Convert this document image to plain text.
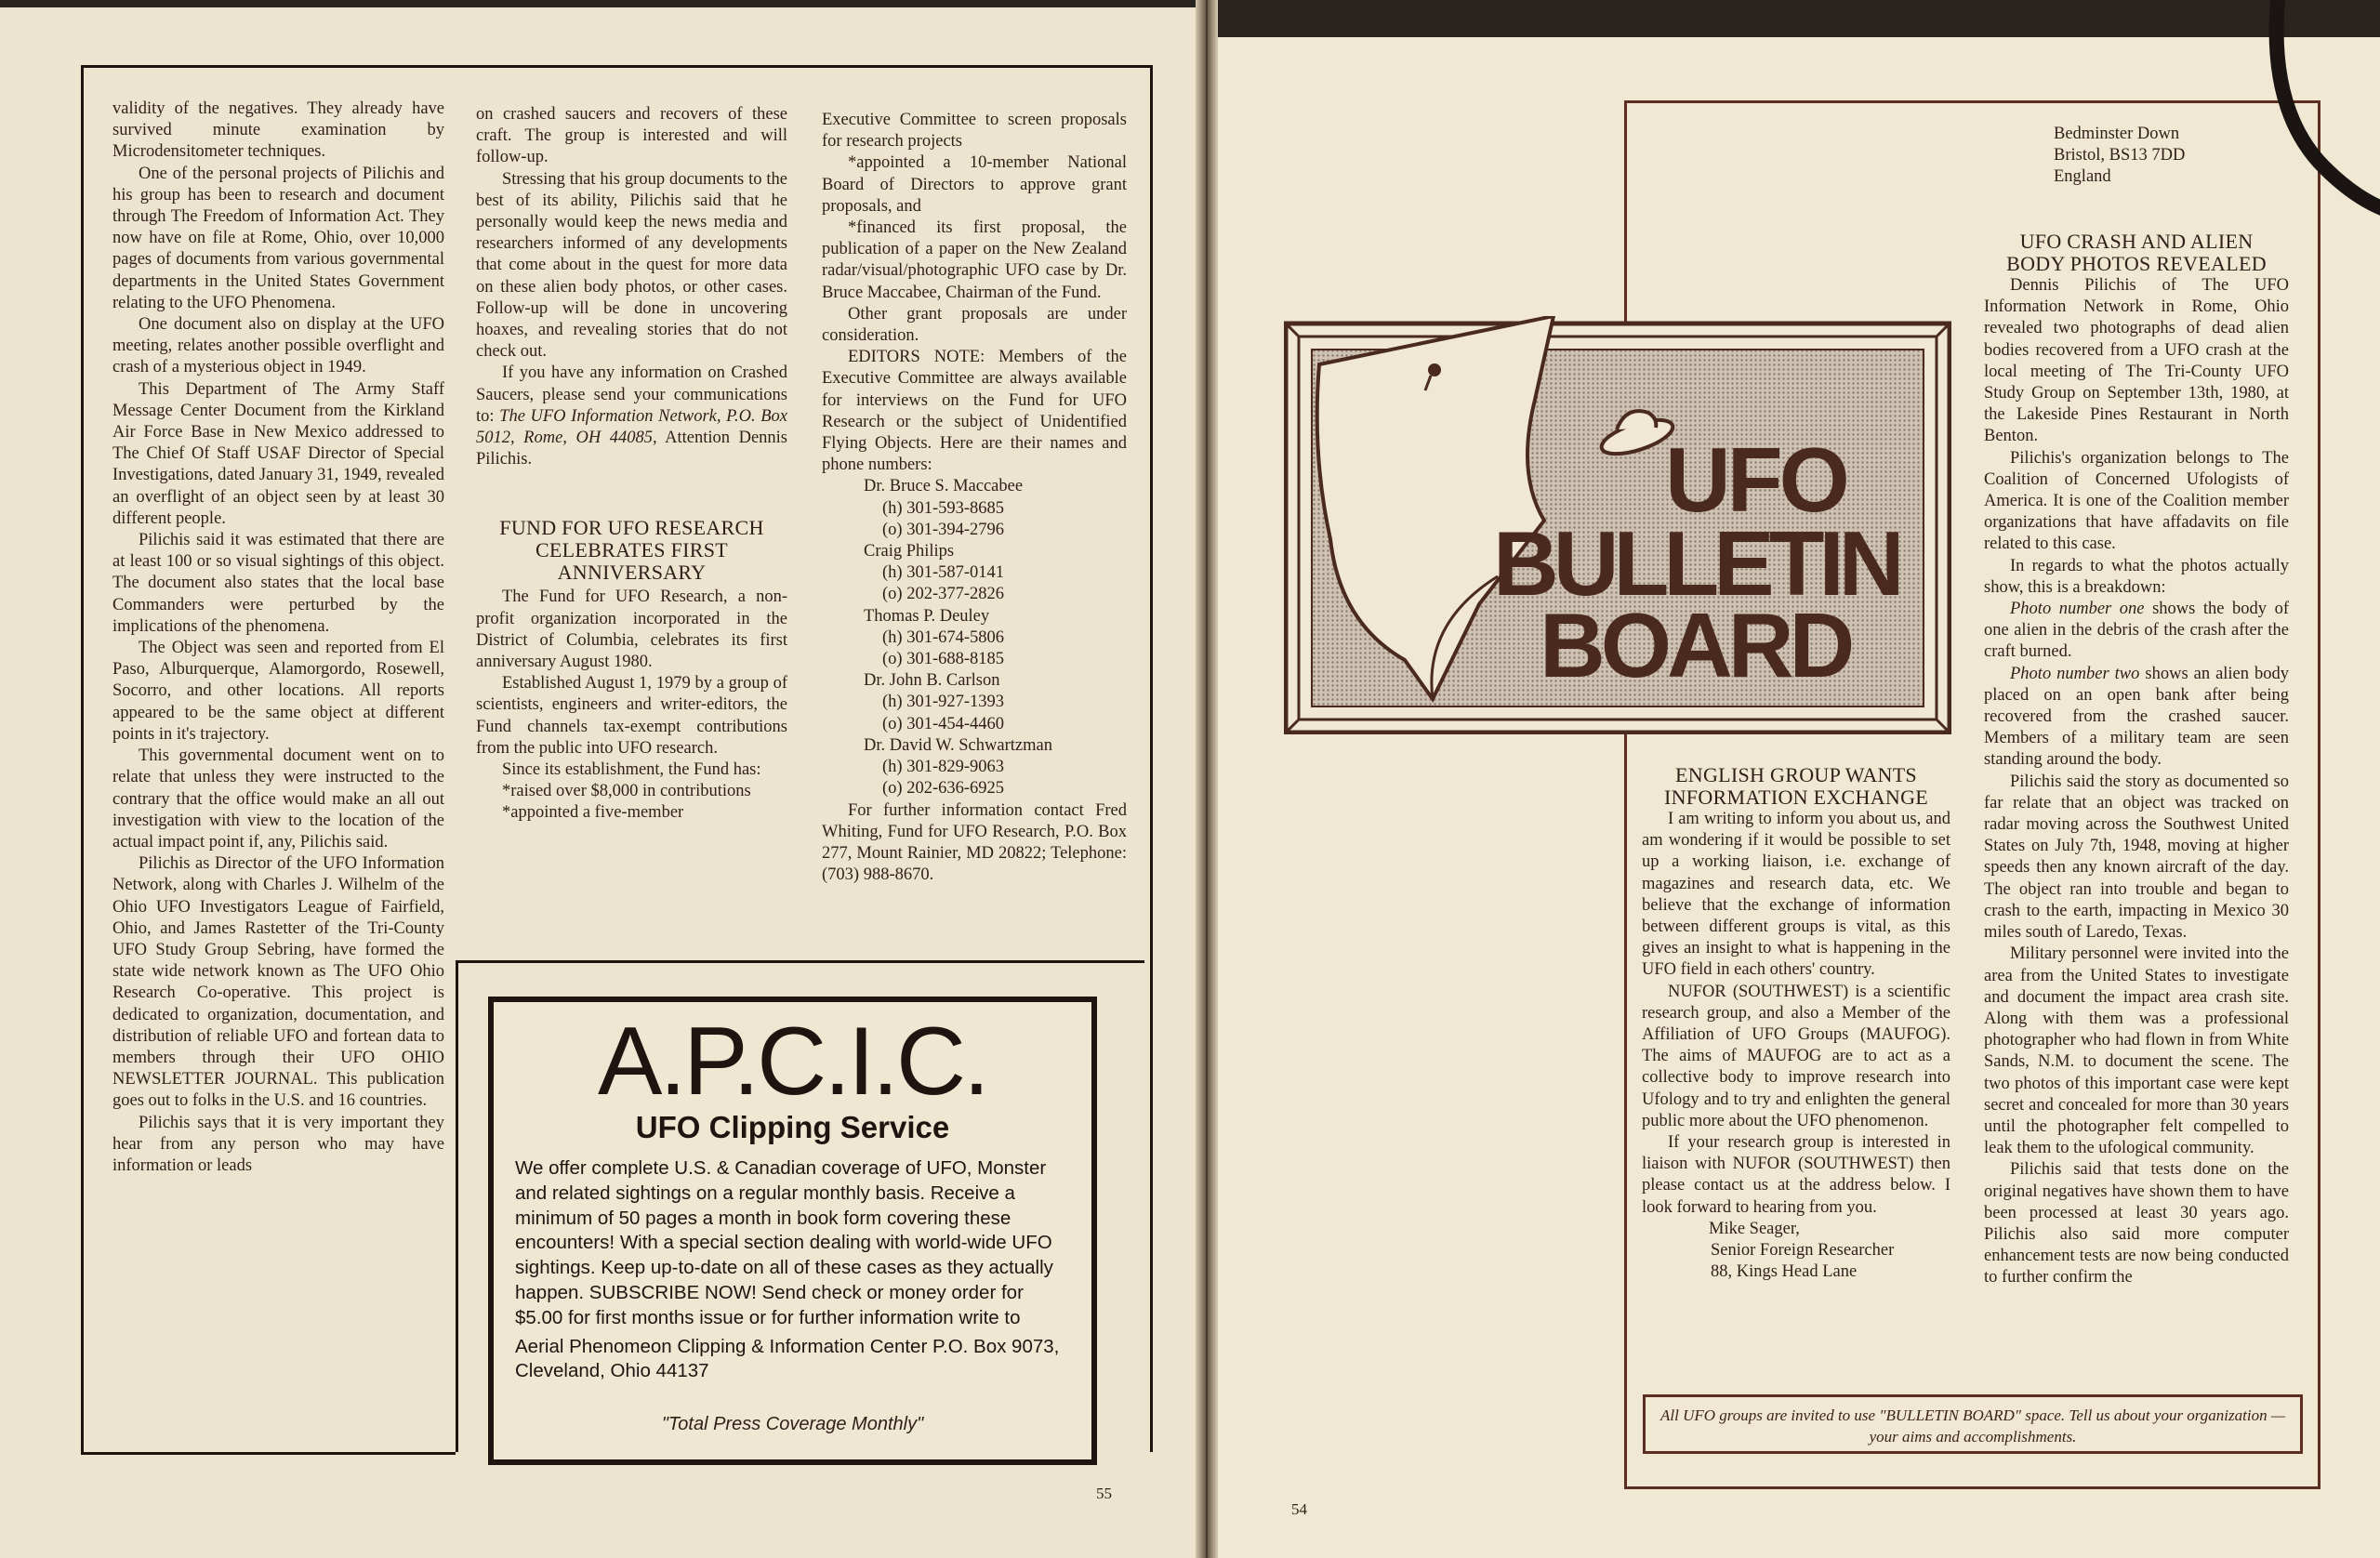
validity of the negatives. They already have survived minute examination by Microdensitometer techniques.

One of the personal projects of Pilichis and his group has been to research and document through The Freedom of Information Act. They now have on file at Rome, Ohio, over 10,000 pages of documents from various governmental departments in the United States Government relating to the UFO Phenomena.

One document also on display at the UFO meeting, relates another possible overflight and crash of a mysterious object in 1949.

This Department of The Army Staff Message Center Document from the Kirkland Air Force Base in New Mexico addressed to The Chief Of Staff USAF Director of Special Investigations, dated January 31, 1949, revealed an overflight of an object seen by at least 30 different people.

Pilichis said it was estimated that there are at least 100 or so visual sightings of this object. The document also states that the local base Commanders were perturbed by the implications of the phenomena.

The Object was seen and reported from El Paso, Alburquerque, Alamorgordo, Rosewell, Socorro, and other locations. All reports appeared to be the same object at different points in it's trajectory.

This governmental document went on to relate that unless they were instructed to the contrary that the office would make an all out investigation with view to the location of the actual impact point if, any, Pilichis said.

Pilichis as Director of the UFO Information Network, along with Charles J. Wilhelm of the Ohio UFO Investigators League of Fairfield, Ohio, and James Rastetter of the Tri-County UFO Study Group Sebring, have formed the state wide network known as The UFO Ohio Research Co-operative. This project is dedicated to organization, documentation, and distribution of reliable UFO and fortean data to members through their UFO OHIO NEWSLETTER JOURNAL. This publication goes out to folks in the U.S. and 16 countries.

Pilichis says that it is very important they hear from any person who may have information or leads

on crashed saucers and recovers of these craft. The group is interested and will follow-up.

Stressing that his group documents to the best of its ability, Pilichis said that he personally would keep the news media and researchers informed of any developments that come about in the quest for more data on these alien body photos, or other cases. Follow-up will be done in uncovering hoaxes, and revealing stories that do not check out.

If you have any information on Crashed Saucers, please send your communications to: The UFO Information Network, P.O. Box 5012, Rome, OH 44085, Attention Dennis Pilichis.

FUND FOR UFO RESEARCH CELEBRATES FIRST ANNIVERSARY

The Fund for UFO Research, a non-profit organization incorporated in the District of Columbia, celebrates its first anniversary August 1980.

Established August 1, 1979 by a group of scientists, engineers and writer-editors, the Fund channels tax-exempt contributions from the public into UFO research.

Since its establishment, the Fund has:

*raised over $8,000 in contributions

*appointed a five-member

Executive Committee to screen proposals for research projects

*appointed a 10-member National Board of Directors to approve grant proposals, and

*financed its first proposal, the publication of a paper on the New Zealand radar/visual/photographic UFO case by Dr. Bruce Maccabee, Chairman of the Fund.

Other grant proposals are under consideration.

EDITORS NOTE: Members of the Executive Committee are always available for interviews on the Fund for UFO Research or the subject of Unidentified Flying Objects. Here are their names and phone numbers:

Dr. Bruce S. Maccabee

(h) 301-593-8685

(o) 301-394-2796

Craig Philips

(h) 301-587-0141

(o) 202-377-2826

Thomas P. Deuley

(h) 301-674-5806

(o) 301-688-8185

Dr. John B. Carlson

(h) 301-927-1393

(o) 301-454-4460

Dr. David W. Schwartzman

(h) 301-829-9063

(o) 202-636-6925

For further information contact Fred Whiting, Fund for UFO Research, P.O. Box 277, Mount Rainier, MD 20822; Telephone: (703) 988-8670.

A.P.C.I.C.
UFO Clipping Service
We offer complete U.S. & Canadian coverage of UFO, Monster and related sightings on a regular monthly basis. Receive a minimum of 50 pages a month in book form covering these encounters! With a special section dealing with world-wide UFO sightings. Keep up-to-date on all of these cases as they actually happen. SUBSCRIBE NOW! Send check or money order for $5.00 for first months issue or for further information write to
Aerial Phenomeon Clipping & Information Center P.O. Box 9073, Cleveland, Ohio 44137
"Total Press Coverage Monthly"
55
54
Bedminster Down
Bristol, BS13 7DD
England
UFO CRASH AND ALIEN BODY PHOTOS REVEALED

Dennis Pilichis of The UFO Information Network in Rome, Ohio revealed two photographs of dead alien bodies recovered from a UFO crash at the local meeting of The Tri-County UFO Study Group on September 13th, 1980, at the Lakeside Pines Restaurant in North Benton.

Pilichis's organization belongs to The Coalition of Concerned Ufologists of America. It is one of the Coalition member organizations that have affadavits on file related to this case.

In regards to what the photos actually show, this is a breakdown:

Photo number one shows the body of one alien in the debris of the crash after the craft burned.

Photo number two shows an alien body placed on an open bank after being recovered from the crashed saucer. Members of a military team are seen standing around the body.

Pilichis said the story as documented so far relate that an object was tracked on radar moving across the Southwest United States on July 7th, 1948, moving at higher speeds then any known aircraft of the day. The object ran into trouble and began to crash to the earth, impacting in Mexico 30 miles south of Laredo, Texas.

Military personnel were invited into the area from the United States to investigate and document the impact area crash site. Along with them was a professional photographer who had flown in from White Sands, N.M. to document the scene. The two photos of this important case were kept secret and concealed for more than 30 years until the photographer felt compelled to leak them to the ufological community.

Pilichis said that tests done on the original negatives have shown them to have been processed at least 30 years ago. Pilichis also said more computer enhancement tests are now being conducted to further confirm the

ENGLISH GROUP WANTS INFORMATION EXCHANGE

I am writing to inform you about us, and am wondering if it would be possible to set up a working liaison, i.e. exchange of magazines and research data, etc. We believe that the exchange of information between different groups is vital, as this gives an insight to what is happening in the UFO field in each others' country.

NUFOR (SOUTHWEST) is a scientific research group, and also a Member of the Affiliation of UFO Groups (MAUFOG). The aims of MAUFOG are to act as a collective body to improve research into Ufology and to try and enlighten the general public more about the UFO phenomenon.

If your research group is interested in liaison with NUFOR (SOUTHWEST) then please contact us at the address below. I look forward to hearing from you.

Mike Seager,
Senior Foreign Researcher
88, Kings Head Lane
UFO
BULLETIN
BOARD
All UFO groups are invited to use "BULLETIN BOARD" space. Tell us about your organization — your aims and accomplishments.
